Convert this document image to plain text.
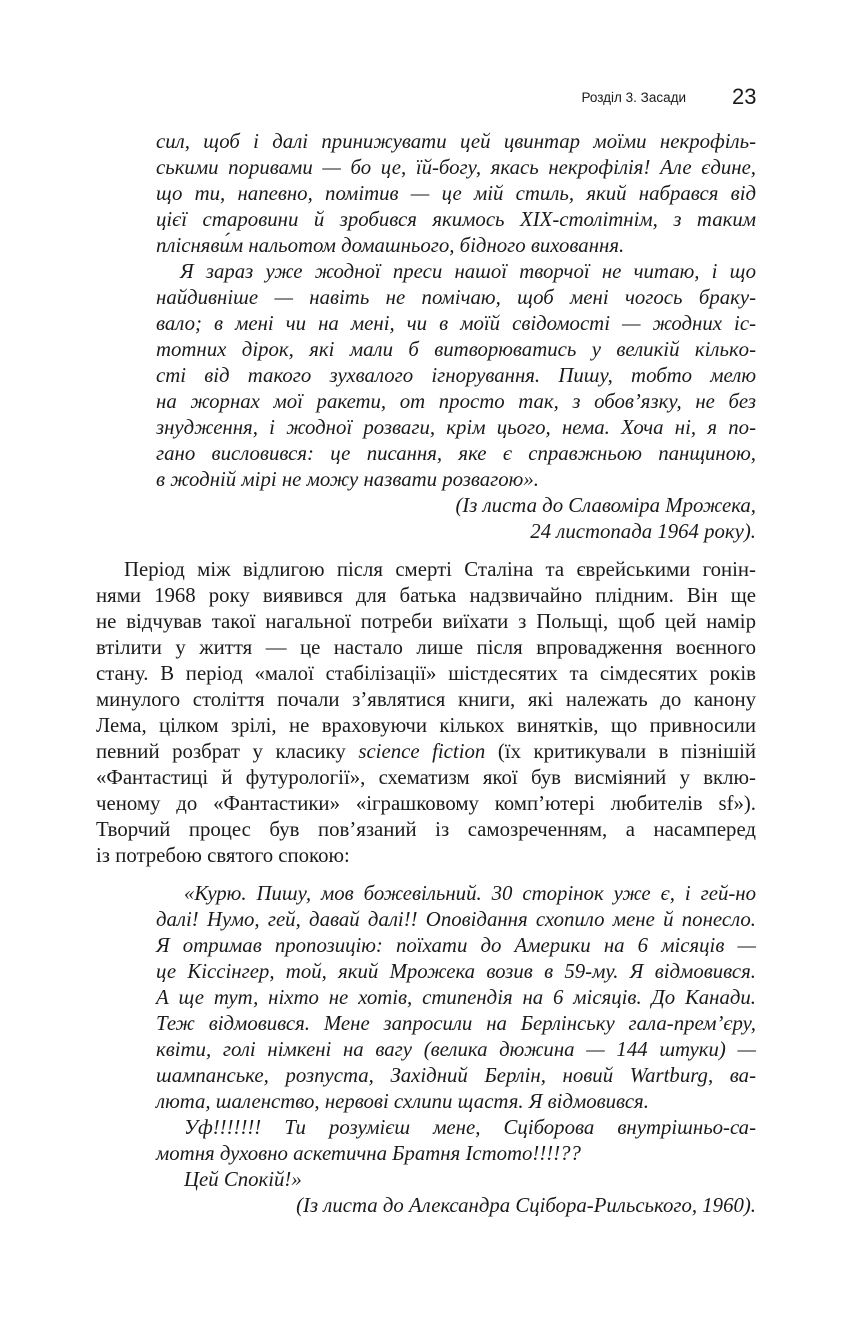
Розділ 3. Засади 23
сил, щоб і далі принижувати цей цвинтар моїми некрофіль-
ськими поривами — бо це, їй-богу, якась некрофілія! Але єдине,
що ти, напевно, помітив — це мій стиль, який набрався від
цієї старовини й зробився якимось XIX-столітнім, з таким
плісняви́м нальотом домашнього, бідного виховання.
Я зараз уже жодної преси нашої творчої не читаю, і що
найдивніше — навіть не помічаю, щоб мені чогось бракy-
вало; в мені чи на мені, чи в моїй свідомості — жодних іс-
тотних дірок, які мали б витворюватись у великій кількo-
сті від такого зухвалого ігнорування. Пишу, тобто мелю
на жорнах мої ракети, от просто так, з обов’язку, не без
знудження, і жодної розваги, крім цього, нема. Хоча ні, я по-
гано висловився: це писання, яке є справжньою панщиною,
в жодній мірі не можу назвати розвагою».
(Із листа до Славоміра Мрожека,
24 листопада 1964 року).
Період між відлигою після смерті Сталіна та єврейськими гонін-
нями 1968 року виявився для батька надзвичайно плідним. Він ще
не відчував такої нагальної потреби виїхати з Польщі, щоб цей намір
втілити у життя — це настало лише після впровадження воєнного
стану. В період «малої стабілізації» шістдесятих та сімдесятих років
минулого століття почали з’являтися книги, які належать до канону
Лема, цілком зрілі, не враховуючи кількох винятків, що привносили
певний розбрат у класику science fiction (їх критикували в пізнішій
«Фантастиці й футурології», схематизм якої був висміяний у вклю-
ченому до «Фантастики» «іграшковому комп’ютері любителів sf»).
Творчий процес був пов’язаний із самозреченням, а насамперед
із потребою святого спокою:
«Курю. Пишу, мов божевільний. 30 сторінок уже є, і гей-но
далі! Нумо, гей, давай далі!! Оповідання схопило мене й понесло.
Я отримав пропозицію: поїхати до Америки на 6 місяців —
це Кіссінгер, той, який Мрожека возив в 59-му. Я відмовився.
А ще тут, ніхто не хотів, стипендія на 6 місяців. До Канади.
Теж відмовився. Мене запросили на Берлінську гала-прем’єру,
квіти, голі німкені на вагу (велика дюжина — 144 штуки) —
шампанське, розпуста, Західний Берлін, новий Wartburg, ва-
люта, шаленство, нервові схлипи щастя. Я відмовився.
Уф!!!!!!! Ти розумієш мене, Сціборова внутрішньо-са-
мотня духовно аскетична Братня Істото!!!!??
Цей Спокій!»
(Із листа до Александра Сцібора-Рильського, 1960).
